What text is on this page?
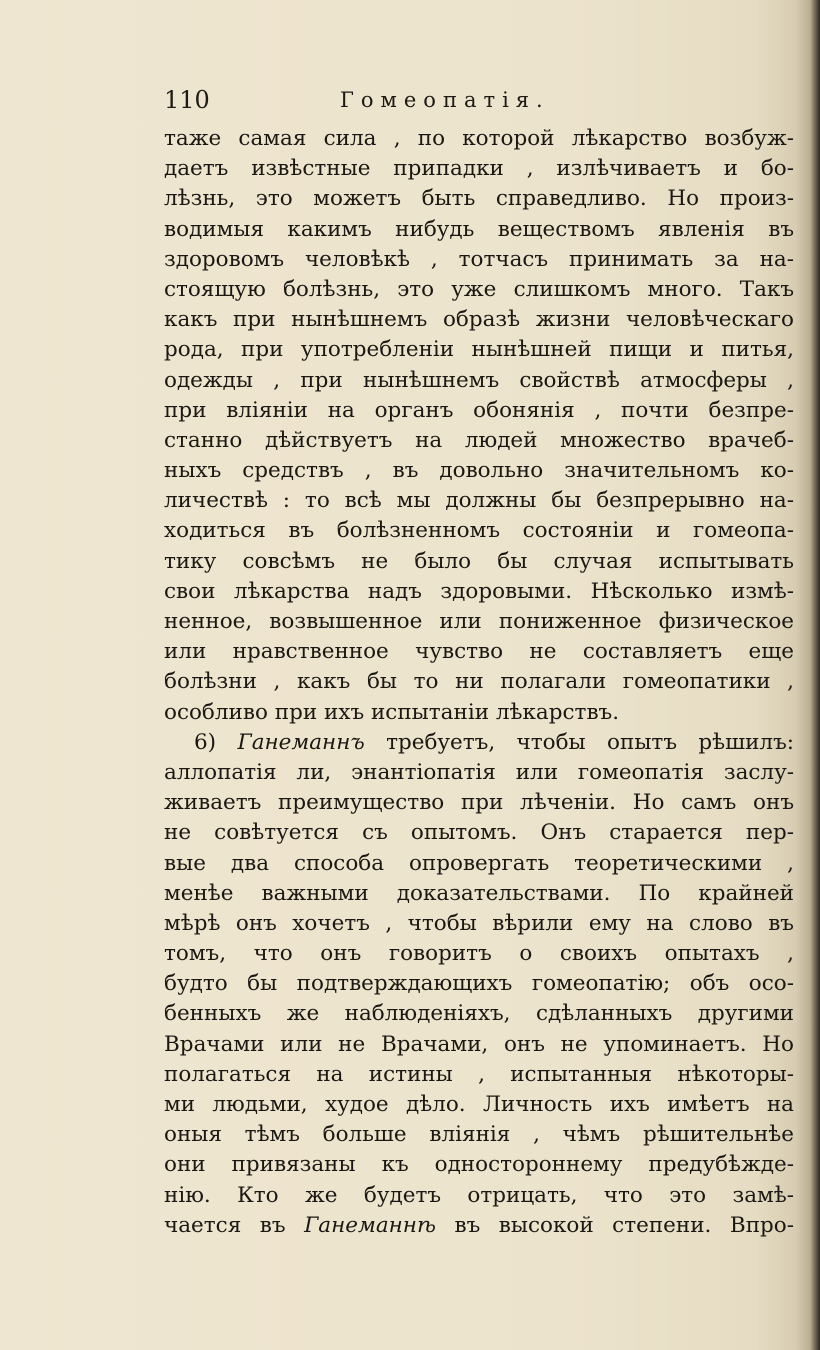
110	Гомеопатія.
таже самая сила , по которой лѣкарство возбуж-
даетъ извѣстные припадки , излѣчиваетъ и бо-
лѣзнь, это можетъ быть справедливо. Но произ-
водимыя какимъ нибудь веществомъ явленія въ
здоровомъ человѣкѣ , тотчасъ принимать за на-
стоящую болѣзнь, это уже слишкомъ много. Такъ
какъ при нынѣшнемъ образѣ жизни человѣческаго
рода, при употребленіи нынѣшней пищи и питья,
одежды , при нынѣшнемъ свойствѣ атмосферы ,
при вліяніи на органъ обонянія , почти безпре-
станно дѣйствуетъ на людей множество врачеб-
ныхъ средствъ , въ довольно значительномъ ко-
личествѣ : то всѣ мы должны бы безпрерывно на-
ходиться въ болѣзненномъ состояніи и гомеопа-
тику совсѣмъ не было бы случая испытывать
свои лѣкарства надъ здоровыми. Нѣсколько измѣ-
ненное, возвышенное или пониженное физическое
или нравственное чувство не составляетъ еще
болѣзни , какъ бы то ни полагали гомеопатики ,
особливо при ихъ испытаніи лѣкарствъ.
6) Ганеманнъ требуетъ, чтобы опытъ рѣшилъ:
аллопатія ли, энантіопатія или гомеопатія заслу-
живаетъ преимущество при лѣченіи. Но самъ онъ
не совѣтуется съ опытомъ. Онъ старается пер-
вые два способа опровергать теоретическими ,
менѣе важными доказательствами. По крайней
мѣрѣ онъ хочетъ , чтобы вѣрили ему на слово въ
томъ, что онъ говоритъ о своихъ опытахъ ,
будто бы подтверждающихъ гомеопатію; объ осо-
бенныхъ же наблюденіяхъ, сдѣланныхъ другими
Врачами или не Врачами, онъ не упоминаетъ. Но
полагаться на истины , испытанныя нѣкоторы-
ми людьми, худое дѣло. Личность ихъ имѣетъ на
оныя тѣмъ больше вліянія , чѣмъ рѣшительнѣе
они привязаны къ одностороннему предубѣжде-
нію. Кто же будетъ отрицать, что это замѣ-
чается въ Ганеманнѣ въ высокой степени. Впро-
